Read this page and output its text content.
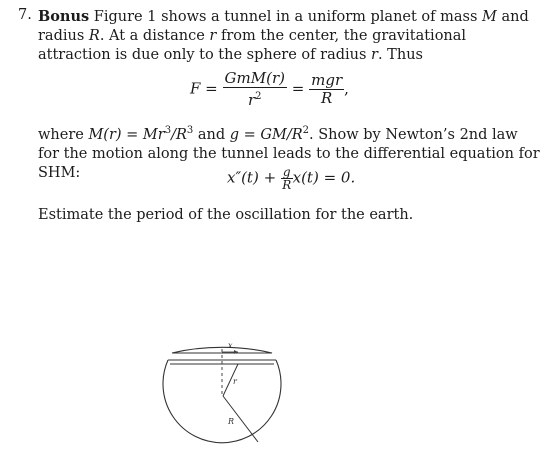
7. Bonus Figure 1 shows a tunnel in a uniform planet of mass M and radius R. At a distance r from the center, the gravitational attraction is due only to the sphere of radius r. Thus

$F = \frac{\text{GmM(r)}}{r^2} = \frac{\text{mgr}}{R}$ ,

where $M(r) = Mr^3/R^3$ and $g = GM/R^2$. Show by Newton’s 2nd law for the motion along the tunnel leads to the differential equation for SHM:	$x''(t) + \frac{g}{R} x(t) = 0$.

Estimate the period of the oscillation for the earth.

x
r
R
